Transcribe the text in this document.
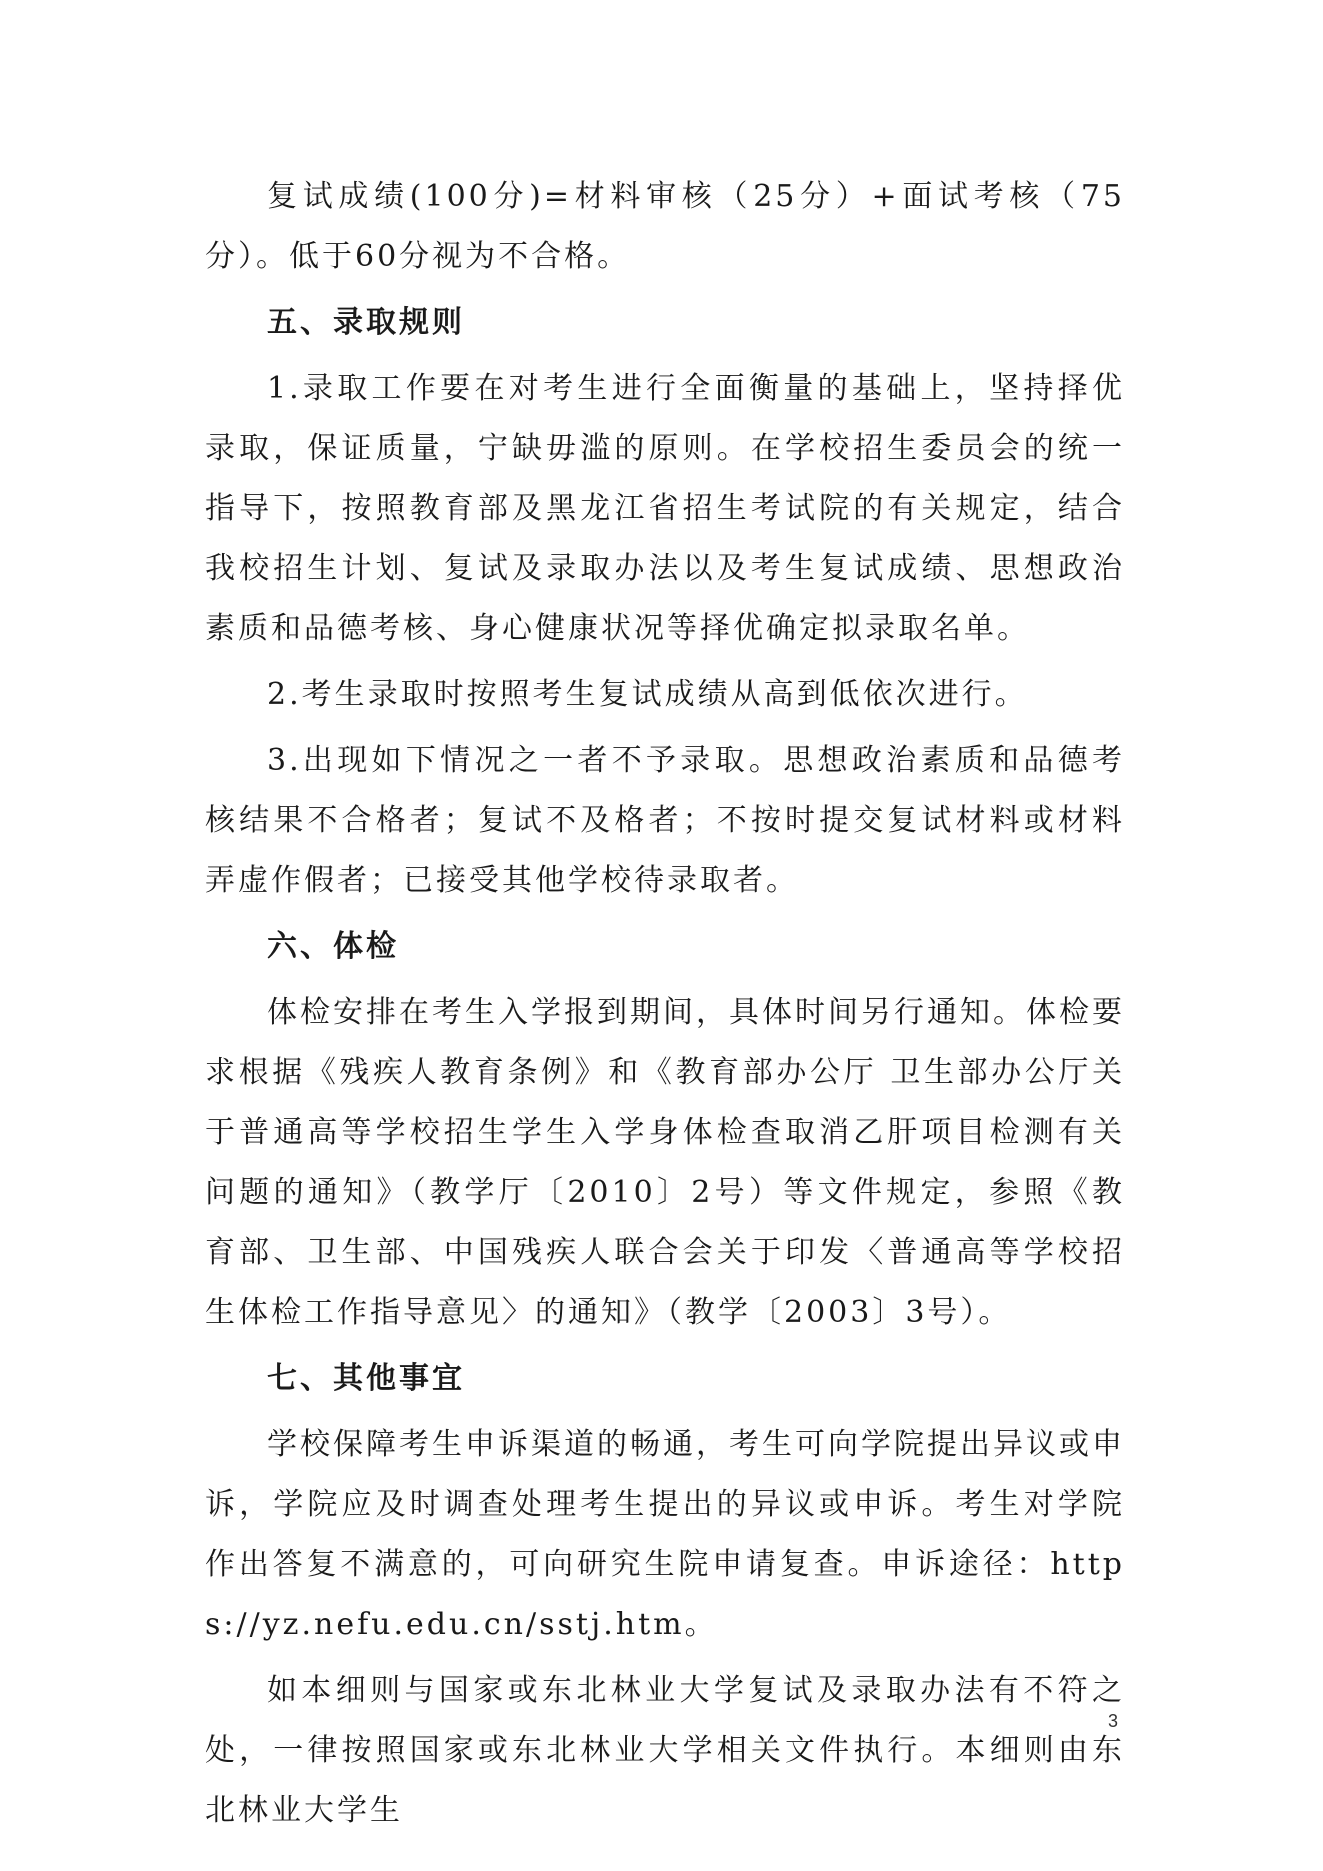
复试成绩(100分)=材料审核（25分）+面试考核（75分）。低于60分视为不合格。

五、录取规则

1.录取工作要在对考生进行全面衡量的基础上，坚持择优录取，保证质量，宁缺毋滥的原则。在学校招生委员会的统一指导下，按照教育部及黑龙江省招生考试院的有关规定，结合我校招生计划、复试及录取办法以及考生复试成绩、思想政治素质和品德考核、身心健康状况等择优确定拟录取名单。

2.考生录取时按照考生复试成绩从高到低依次进行。

3.出现如下情况之一者不予录取。思想政治素质和品德考核结果不合格者；复试不及格者；不按时提交复试材料或材料弄虚作假者；已接受其他学校待录取者。

六、体检

体检安排在考生入学报到期间，具体时间另行通知。体检要求根据《残疾人教育条例》和《教育部办公厅 卫生部办公厅关于普通高等学校招生学生入学身体检查取消乙肝项目检测有关问题的通知》（教学厅〔2010〕2号）等文件规定，参照《教育部、卫生部、中国残疾人联合会关于印发〈普通高等学校招生体检工作指导意见〉的通知》（教学〔2003〕3号）。

七、其他事宜

学校保障考生申诉渠道的畅通，考生可向学院提出异议或申诉，学院应及时调查处理考生提出的异议或申诉。考生对学院作出答复不满意的，可向研究生院申请复查。申诉途径：https://yz.nefu.edu.cn/sstj.htm。

如本细则与国家或东北林业大学复试及录取办法有不符之处，一律按照国家或东北林业大学相关文件执行。本细则由东北林业大学生

3
